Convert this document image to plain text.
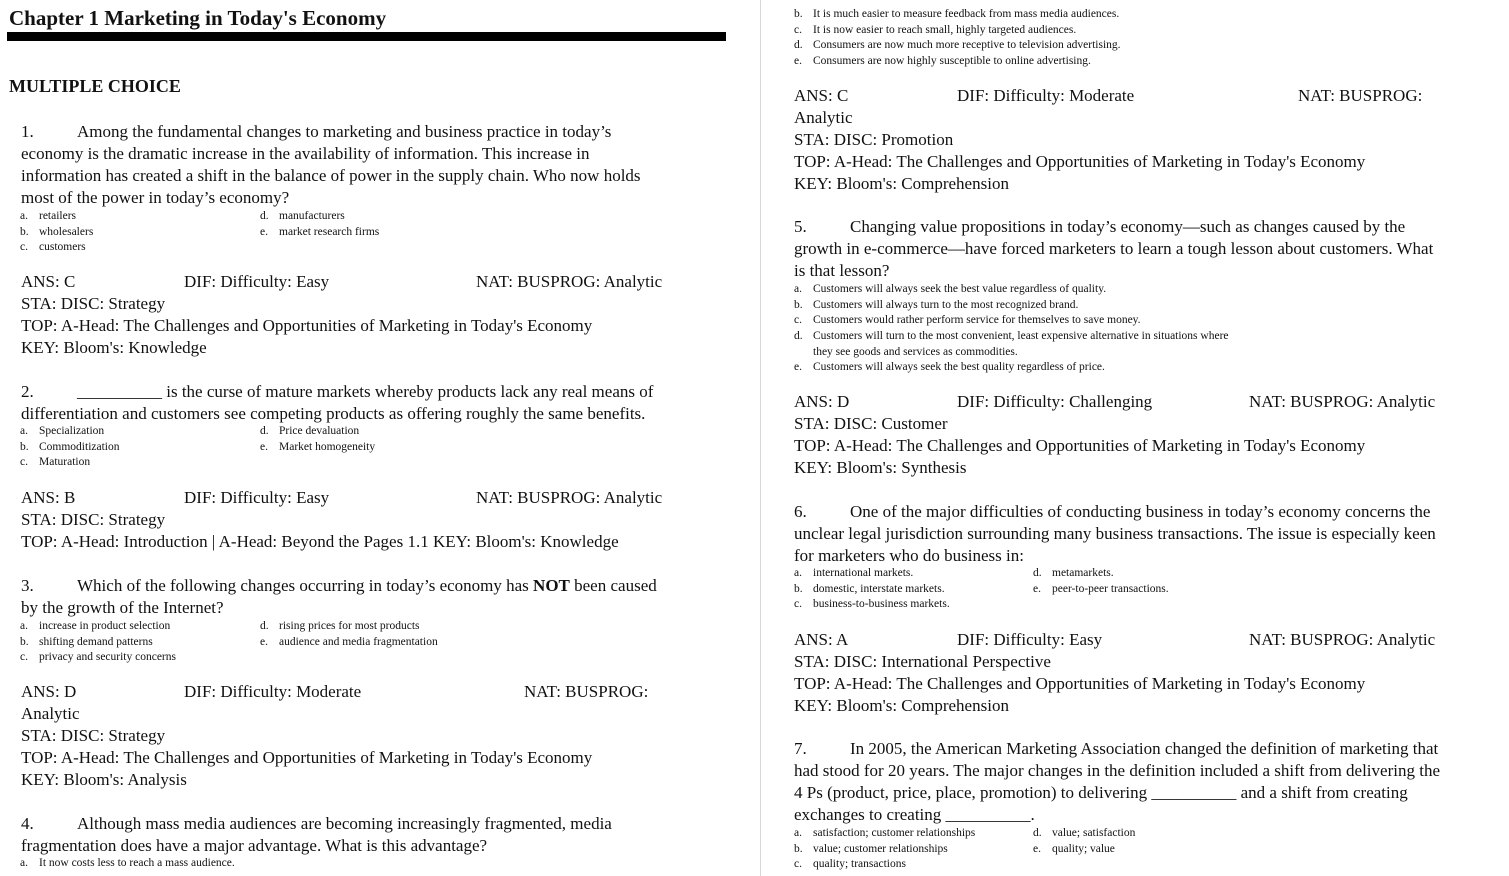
Chapter 1 Marketing in Today's Economy
MULTIPLE CHOICE
1.	Among the fundamental changes to marketing and business practice in today’s
economy is the dramatic increase in the availability of information. This increase in
information has created a shift in the balance of power in the supply chain. Who now holds
most of the power in today’s economy?
a. retailers
b. wholesalers
c. customers
d. manufacturers
e. market research firms
ANS: C	DIF: Difficulty: Easy	NAT: BUSPROG: Analytic
STA: DISC: Strategy
TOP: A-Head: The Challenges and Opportunities of Marketing in Today's Economy
KEY: Bloom's: Knowledge
2.	__________ is the curse of mature markets whereby products lack any real means of
differentiation and customers see competing products as offering roughly the same benefits.
a. Specialization
b. Commoditization
c. Maturation
d. Price devaluation
e. Market homogeneity
ANS: B	DIF: Difficulty: Easy	NAT: BUSPROG: Analytic
STA: DISC: Strategy
TOP: A-Head: Introduction | A-Head: Beyond the Pages 1.1 KEY: Bloom's: Knowledge
3.	Which of the following changes occurring in today’s economy has NOT been caused
by the growth of the Internet?
a. increase in product selection
b. shifting demand patterns
c. privacy and security concerns
d. rising prices for most products
e. audience and media fragmentation
ANS: D	DIF: Difficulty: Moderate	NAT: BUSPROG:
Analytic
STA: DISC: Strategy
TOP: A-Head: The Challenges and Opportunities of Marketing in Today's Economy
KEY: Bloom's: Analysis
4.	Although mass media audiences are becoming increasingly fragmented, media
fragmentation does have a major advantage. What is this advantage?
a. It now costs less to reach a mass audience.
b. It is much easier to measure feedback from mass media audiences.
c. It is now easier to reach small, highly targeted audiences.
d. Consumers are now much more receptive to television advertising.
e. Consumers are now highly susceptible to online advertising.
ANS: C	DIF: Difficulty: Moderate	NAT: BUSPROG:
Analytic
STA: DISC: Promotion
TOP: A-Head: The Challenges and Opportunities of Marketing in Today's Economy
KEY: Bloom's: Comprehension
5.	Changing value propositions in today’s economy—such as changes caused by the
growth in e-commerce—have forced marketers to learn a tough lesson about customers. What
is that lesson?
a. Customers will always seek the best value regardless of quality.
b. Customers will always turn to the most recognized brand.
c. Customers would rather perform service for themselves to save money.
d. Customers will turn to the most convenient, least expensive alternative in situations where
they see goods and services as commodities.
e. Customers will always seek the best quality regardless of price.
ANS: D	DIF: Difficulty: Challenging	NAT: BUSPROG: Analytic
STA: DISC: Customer
TOP: A-Head: The Challenges and Opportunities of Marketing in Today's Economy
KEY: Bloom's: Synthesis
6.	One of the major difficulties of conducting business in today’s economy concerns the
unclear legal jurisdiction surrounding many business transactions. The issue is especially keen
for marketers who do business in:
a. international markets.
b. domestic, interstate markets.
c. business-to-business markets.
d. metamarkets.
e. peer-to-peer transactions.
ANS: A	DIF: Difficulty: Easy	NAT: BUSPROG: Analytic
STA: DISC: International Perspective
TOP: A-Head: The Challenges and Opportunities of Marketing in Today's Economy
KEY: Bloom's: Comprehension
7.	In 2005, the American Marketing Association changed the definition of marketing that
had stood for 20 years. The major changes in the definition included a shift from delivering the
4 Ps (product, price, place, promotion) to delivering __________ and a shift from creating
exchanges to creating __________.
a. satisfaction; customer relationships
b. value; customer relationships
c. quality; transactions
d. value; satisfaction
e. quality; value
